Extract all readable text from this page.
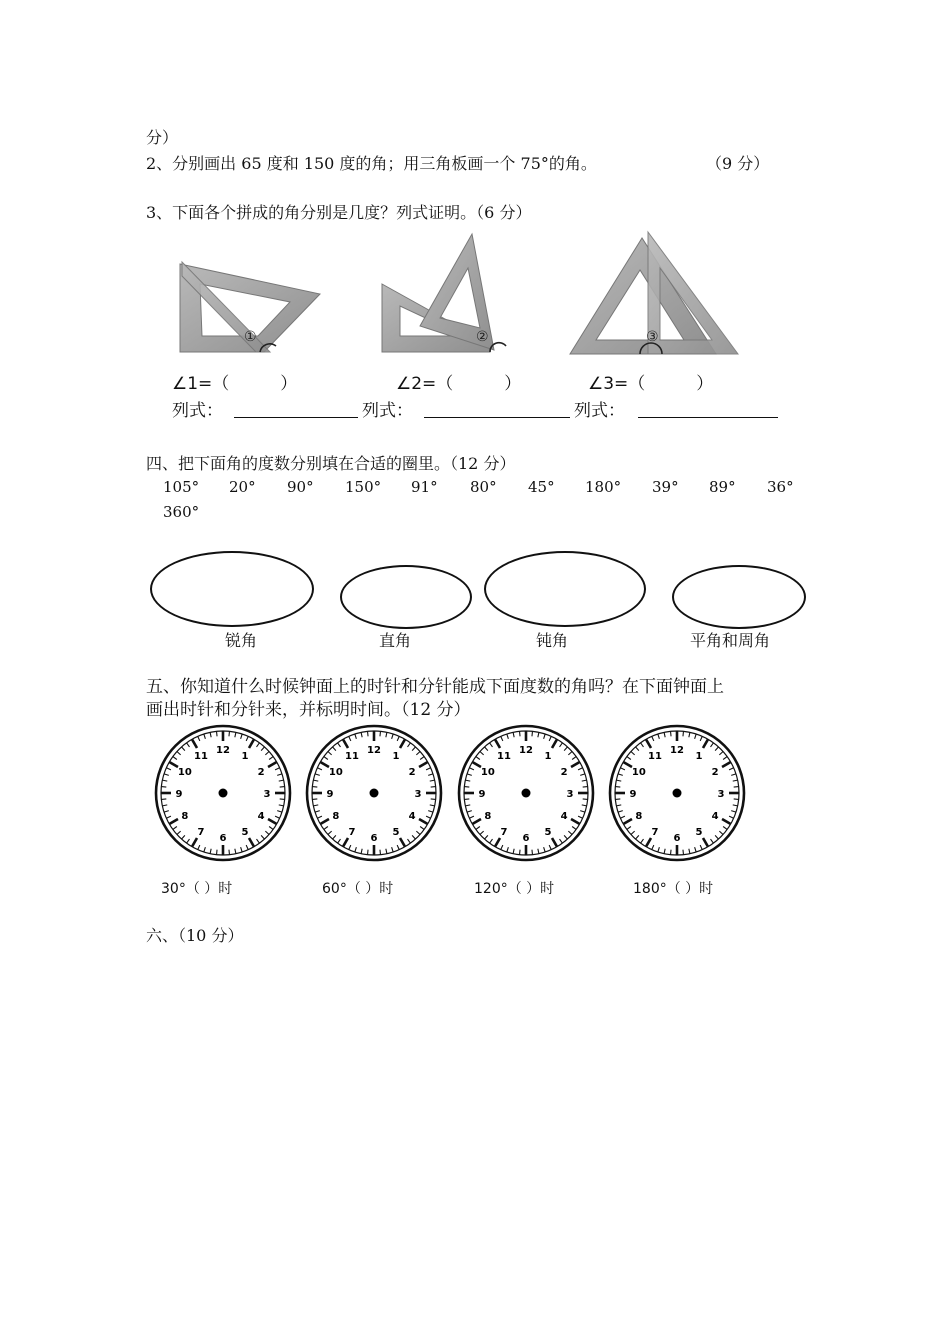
分）
2、分别画出 65 度和 150 度的角；用三角板画一个 75°的角。	（9 分）
3、下面各个拼成的角分别是几度？列式证明。（6 分）
①	②	③
∠1=（　　　）	∠2=（　　　）	∠3=（　　　）
列式：	列式：	列式：
四、把下面角的度数分别填在合适的圈里。（12 分）
105° 20° 90° 150° 91° 80° 45° 180° 39° 89° 36°
360°
锐角	直角	钝角	平角和周角
五、你知道什么时候钟面上的时针和分针能成下面度数的角吗？在下面钟面上
画出时针和分针来，并标明时间。（12 分）
12
1
2
3
4
5
6
7
8
9
10
11
12
1
2
3
4
5
6
7
8
9
10
11
12
1
2
3
4
5
6
7
8
9
10
11
12
1
2
3
4
5
6
7
8
9
10
11
30°（ ）时	60°（ ）时	120°（ ）时	180°（ ）时
六、（10 分）
